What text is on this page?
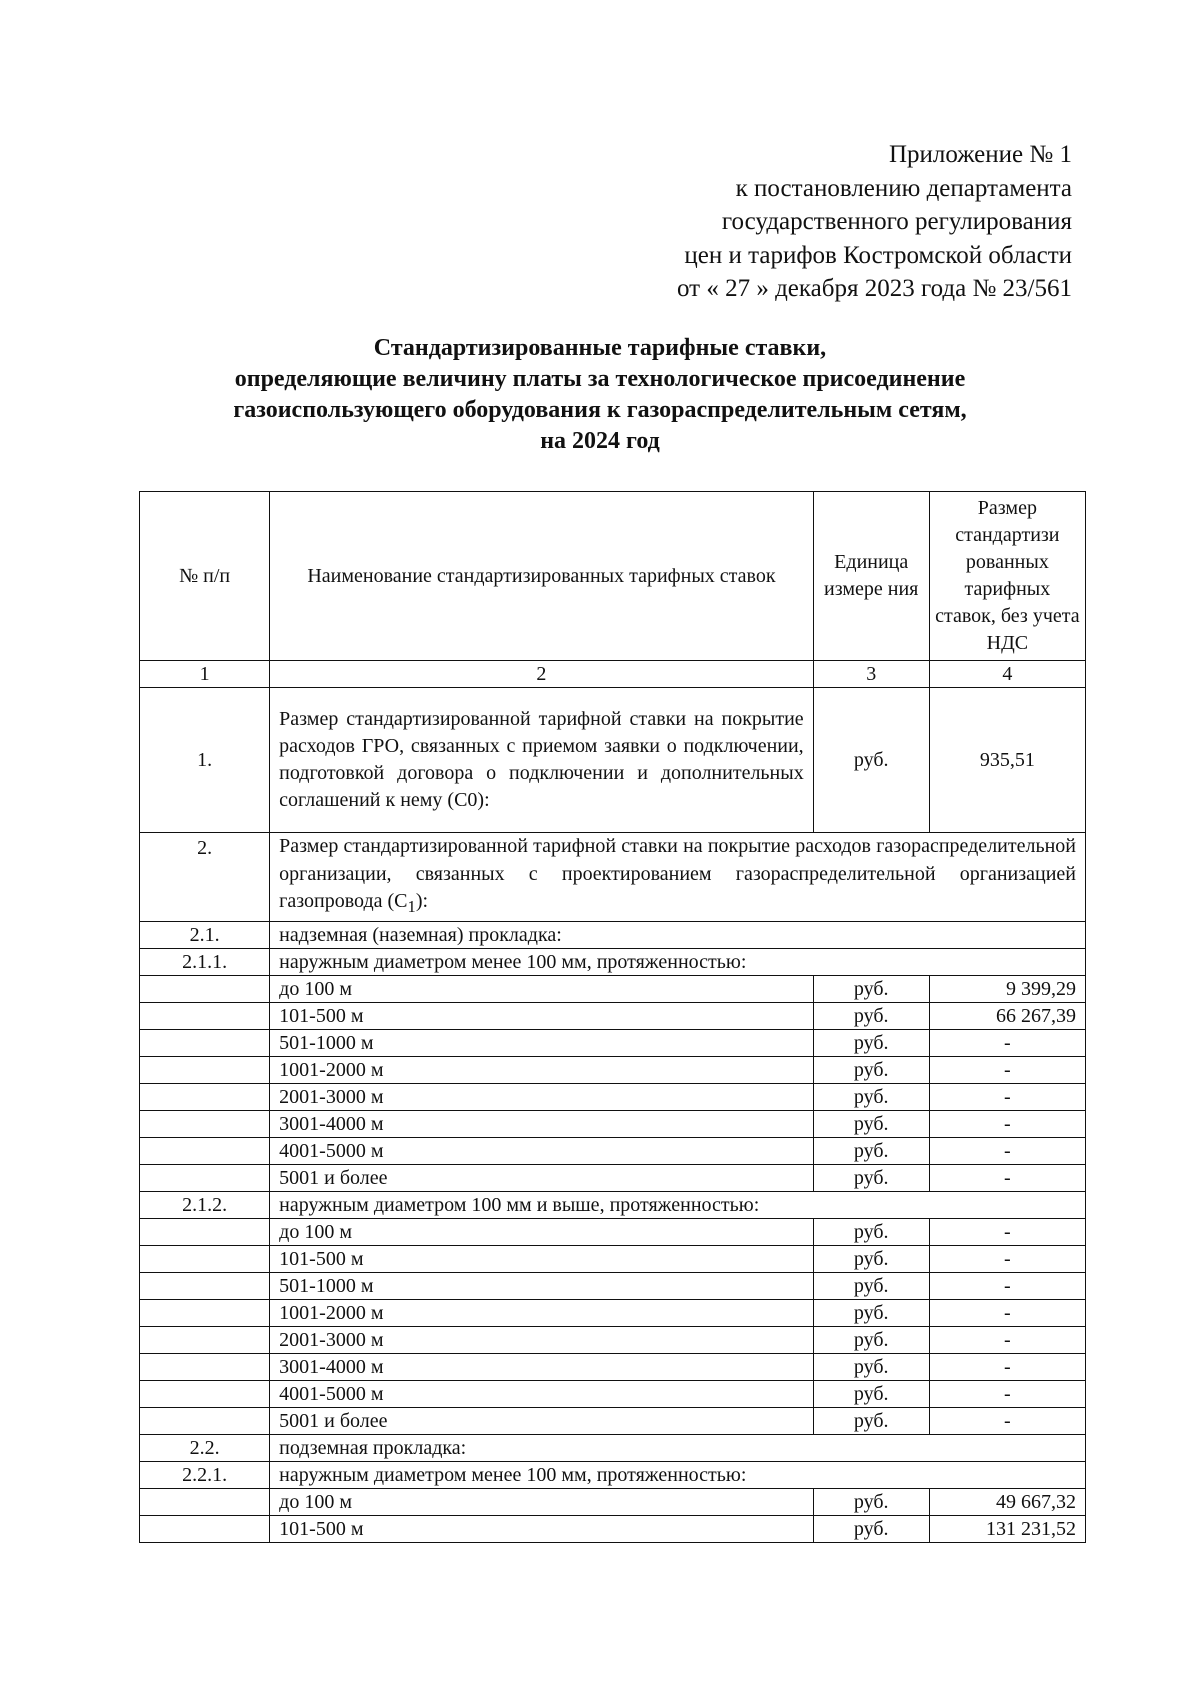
Приложение № 1
к постановлению департамента
государственного регулирования
цен и тарифов Костромской области
от « 27 » декабря 2023 года № 23/561
Стандартизированные тарифные ставки,
определяющие величину платы за технологическое присоединение
газоиспользующего оборудования к газораспределительным сетям,
на 2024 год
№ п/п	Наименование стандартизированных тарифных ставок	Единица измере ния	Размер стандартизи рованных тарифных ставок, без учета НДС
1	2	3	4
1.	Размер стандартизированной тарифной ставки на покрытие расходов ГРО, связанных с приемом заявки о подключении, подготовкой договора о подключении и дополнительных соглашений к нему (С0):	руб.	935,51
2.	Размер стандартизированной тарифной ставки на покрытие расходов газораспределительной организации, связанных с проектированием газораспределительной организацией газопровода $(С_1)$:		
2.1.	надземная (наземная) прокладка:		
2.1.1.	наружным диаметром менее 100 мм, протяженностью:		
	до 100 м	руб.	9 399,29
	101-500 м	руб.	66 267,39
	501-1000 м	руб.	-
	1001-2000 м	руб.	-
	2001-3000 м	руб.	-
	3001-4000 м	руб.	-
	4001-5000 м	руб.	-
	5001 и более	руб.	-
2.1.2.	наружным диаметром 100 мм и выше, протяженностью:		
	до 100 м	руб.	-
	101-500 м	руб.	-
	501-1000 м	руб.	-
	1001-2000 м	руб.	-
	2001-3000 м	руб.	-
	3001-4000 м	руб.	-
	4001-5000 м	руб.	-
	5001 и более	руб.	-
2.2.	подземная прокладка:		
2.2.1.	наружным диаметром менее 100 мм, протяженностью:		
	до 100 м	руб.	49 667,32
	101-500 м	руб.	131 231,52
